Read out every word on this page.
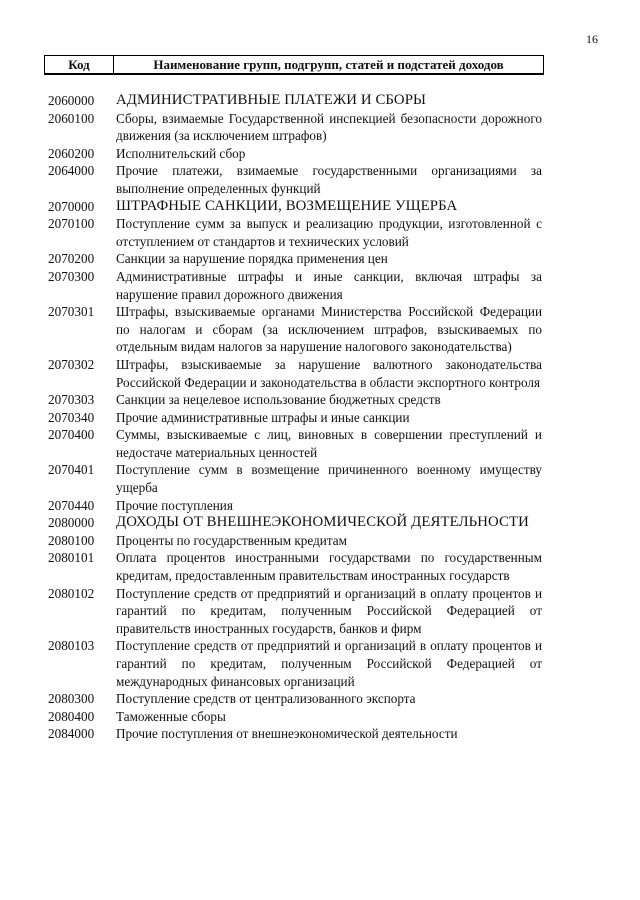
16
Код	Наименование групп, подгрупп, статей и подстатей доходов
2060000	АДМИНИСТРАТИВНЫЕ ПЛАТЕЖИ И СБОРЫ
2060100	Сборы, взимаемые Государственной инспекцией безопасности дорожного движения (за исключением штрафов)
2060200	Исполнительский сбор
2064000	Прочие платежи, взимаемые государственными организациями за выполнение определенных функций
2070000	ШТРАФНЫЕ САНКЦИИ, ВОЗМЕЩЕНИЕ УЩЕРБА
2070100	Поступление сумм за выпуск и реализацию продукции, изготовленной с отступлением от стандартов и технических условий
2070200	Санкции за нарушение порядка применения цен
2070300	Административные штрафы и иные санкции, включая штрафы за нарушение правил дорожного движения
2070301	Штрафы, взыскиваемые органами Министерства Российской Федерации по налогам и сборам (за исключением штрафов, взыскиваемых по отдельным видам налогов за нарушение налогового законодательства)
2070302	Штрафы, взыскиваемые за нарушение валютного законодательства Российской Федерации и законодательства в области экспортного контроля
2070303	Санкции за нецелевое использование бюджетных средств
2070340	Прочие административные штрафы и иные санкции
2070400	Суммы, взыскиваемые с лиц, виновных в совершении преступлений и недостаче материальных ценностей
2070401	Поступление сумм в возмещение причиненного военному имуществу ущерба
2070440	Прочие поступления
2080000	ДОХОДЫ ОТ ВНЕШНЕЭКОНОМИЧЕСКОЙ ДЕЯТЕЛЬНОСТИ
2080100	Проценты по государственным кредитам
2080101	Оплата процентов иностранными государствами по государственным кредитам, предоставленным правительствам иностранных государств
2080102	Поступление средств от предприятий и организаций в оплату процентов и гарантий по кредитам, полученным Российской Федерацией от правительств иностранных государств, банков и фирм
2080103	Поступление средств от предприятий и организаций в оплату процентов и гарантий по кредитам, полученным Российской Федерацией от международных финансовых организаций
2080300	Поступление средств от централизованного экспорта
2080400	Таможенные сборы
2084000	Прочие поступления от внешнеэкономической деятельности
